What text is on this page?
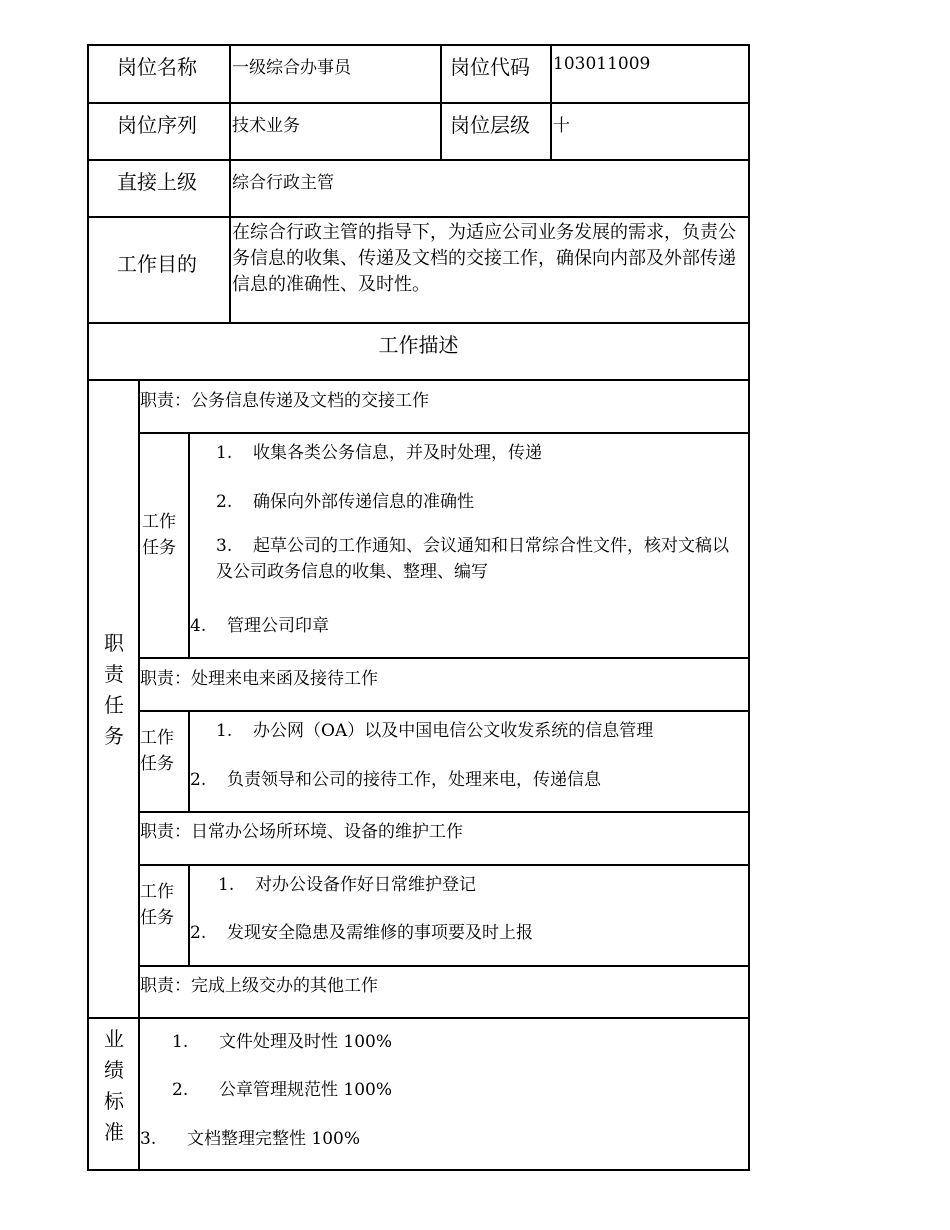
岗位名称 一级综合办事员	岗位代码 103011009
岗位序列 技术业务	岗位层级 十
直接上级 综合行政主管
工作目的
在综合行政主管的指导下，为适应公司业务发展的需求，负责公务信息的收集、传递及文档的交接工作，确保向内部及外部传递信息的准确性、及时性。
工作描述
职责任务
职责：公务信息传递及文档的交接工作
工作任务
1. 收集各类公务信息，并及时处理，传递
2. 确保向外部传递信息的准确性
3. 起草公司的工作通知、会议通知和日常综合性文件，核对文稿以及公司政务信息的收集、整理、编写
4. 管理公司印章
职责：处理来电来函及接待工作
工作任务
1. 办公网（OA）以及中国电信公文收发系统的信息管理
2. 负责领导和公司的接待工作，处理来电，传递信息
职责：日常办公场所环境、设备的维护工作
工作任务
1. 对办公设备作好日常维护登记
2. 发现安全隐患及需维修的事项要及时上报
职责：完成上级交办的其他工作
业绩标准
1. 文件处理及时性 100%
2. 公章管理规范性 100%
3. 文档整理完整性 100%
